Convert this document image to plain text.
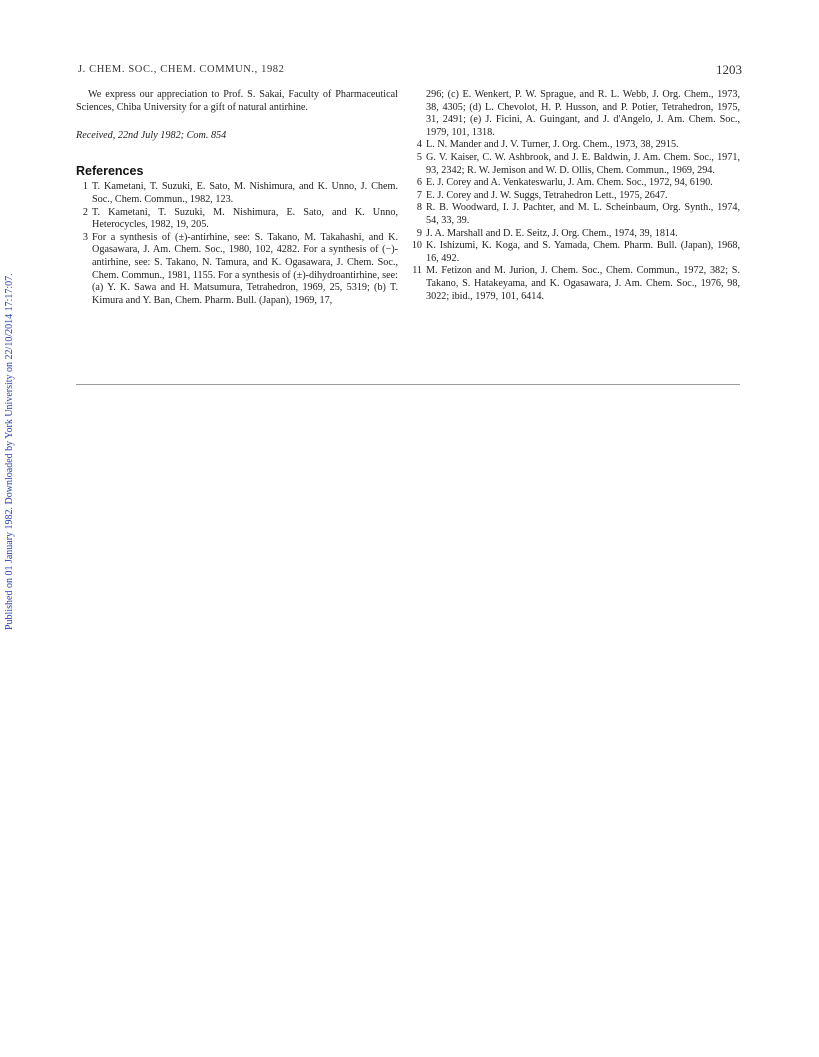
Published on 01 January 1982. Downloaded by York University on 22/10/2014 17:17:07.
J. CHEM. SOC., CHEM. COMMUN., 1982	1203

We express our appreciation to Prof. S. Sakai, Faculty of Pharmaceutical Sciences, Chiba University for a gift of natural antirhine.

Received, 22nd July 1982; Com. 854

References

1 T. Kametani, T. Suzuki, E. Sato, M. Nishimura, and K. Unno, J. Chem. Soc., Chem. Commun., 1982, 123.

2 T. Kametani, T. Suzuki, M. Nishimura, E. Sato, and K. Unno, Heterocycles, 1982, 19, 205.

3 For a synthesis of (±)-antirhine, see: S. Takano, M. Takahashi, and K. Ogasawara, J. Am. Chem. Soc., 1980, 102, 4282. For a synthesis of (−)-antirhine, see: S. Takano, N. Tamura, and K. Ogasawara, J. Chem. Soc., Chem. Commun., 1981, 1155. For a synthesis of (±)-dihydroantirhine, see: (a) Y. K. Sawa and H. Matsumura, Tetrahedron, 1969, 25, 5319; (b) T. Kimura and Y. Ban, Chem. Pharm. Bull. (Japan), 1969, 17,

296; (c) E. Wenkert, P. W. Sprague, and R. L. Webb, J. Org. Chem., 1973, 38, 4305; (d) L. Chevolot, H. P. Husson, and P. Potier, Tetrahedron, 1975, 31, 2491; (e) J. Ficini, A. Guingant, and J. d'Angelo, J. Am. Chem. Soc., 1979, 101, 1318.

4 L. N. Mander and J. V. Turner, J. Org. Chem., 1973, 38, 2915.

5 G. V. Kaiser, C. W. Ashbrook, and J. E. Baldwin, J. Am. Chem. Soc., 1971, 93, 2342; R. W. Jemison and W. D. Ollis, Chem. Commun., 1969, 294.

6 E. J. Corey and A. Venkateswarlu, J. Am. Chem. Soc., 1972, 94, 6190.

7 E. J. Corey and J. W. Suggs, Tetrahedron Lett., 1975, 2647.

8 R. B. Woodward, I. J. Pachter, and M. L. Scheinbaum, Org. Synth., 1974, 54, 33, 39.

9 J. A. Marshall and D. E. Seitz, J. Org. Chem., 1974, 39, 1814.

10 K. Ishizumi, K. Koga, and S. Yamada, Chem. Pharm. Bull. (Japan), 1968, 16, 492.

11 M. Fetizon and M. Jurion, J. Chem. Soc., Chem. Commun., 1972, 382; S. Takano, S. Hatakeyama, and K. Ogasawara, J. Am. Chem. Soc., 1976, 98, 3022; ibid., 1979, 101, 6414.
